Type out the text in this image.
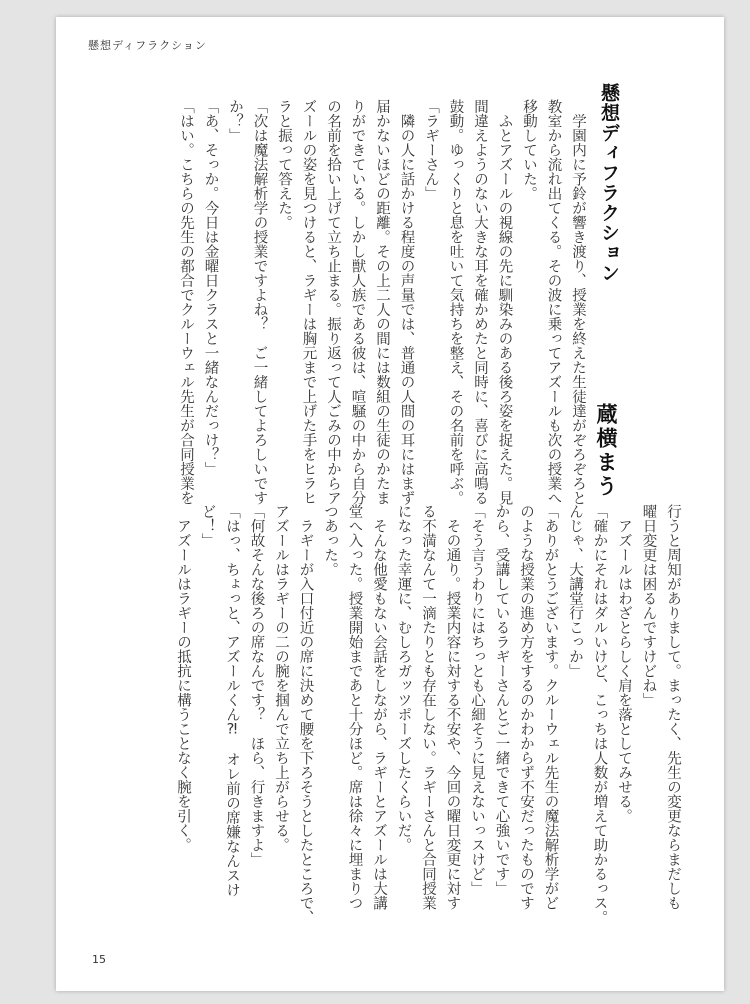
懸想ディフラクション
懸想ディフラクション
蔵横まう
　学園内に予鈴が響き渡り、授業を終えた生徒達がぞろぞろと
教室から流れ出てくる。その波に乗ってアズールも次の授業へ
移動していた。
　ふとアズールの視線の先に馴染みのある後ろ姿を捉えた。見
間違えようのない大きな耳を確かめたと同時に、喜びに高鳴る
鼓動。ゆっくりと息を吐いて気持ちを整え、その名前を呼ぶ。
「ラギーさん」
　隣の人に話かける程度の声量では、普通の人間の耳にはまず
届かないほどの距離。その上二人の間には数組の生徒のかたま
りができている。しかし獣人族である彼は、喧騒の中から自分
の名前を拾い上げて立ち止まる。振り返って人ごみの中からア
ズールの姿を見つけると、ラギーは胸元まで上げた手をヒラヒ
ラと振って答えた。
「次は魔法解析学の授業ですよね？　ご一緒してよろしいです
か？」
「あ、そっか。今日は金曜日クラスと一緒なんだっけ？」
「はい。こちらの先生の都合でクルーウェル先生が合同授業を
行うと周知がありまして。まったく、先生の変更ならまだしも
曜日変更は困るんですけどね」
　アズールはわざとらしく肩を落としてみせる。
「確かにそれはダルいけど、こっちは人数が増えて助かるっス。
んじゃ、大講堂行こっか」
「ありがとうございます。クルーウェル先生の魔法解析学がど
のような授業の進め方をするのかわからず不安だったものです
から、受講しているラギーさんとご一緒できて心強いです」
「そう言うわりにはちっとも心細そうに見えないっスけど」
　その通り。授業内容に対する不安や、今回の曜日変更に対す
る不満なんて一滴たりとも存在しない。ラギーさんと合同授業
になった幸運に、むしろガッツポーズしたくらいだ。
　そんな他愛もない会話をしながら、ラギーとアズールは大講
堂へ入った。授業開始まであと十分ほど。席は徐々に埋まりつ
つあった。
　ラギーが入口付近の席に決めて腰を下ろそうとしたところで、
アズールはラギーの二の腕を掴んで立ち上がらせる。
「何故そんな後ろの席なんです？　ほら、行きますよ」
「はっ、ちょっと、アズールくん⁈　オレ前の席嫌なんスけ
ど！」
　アズールはラギーの抵抗に構うことなく腕を引く。
15
